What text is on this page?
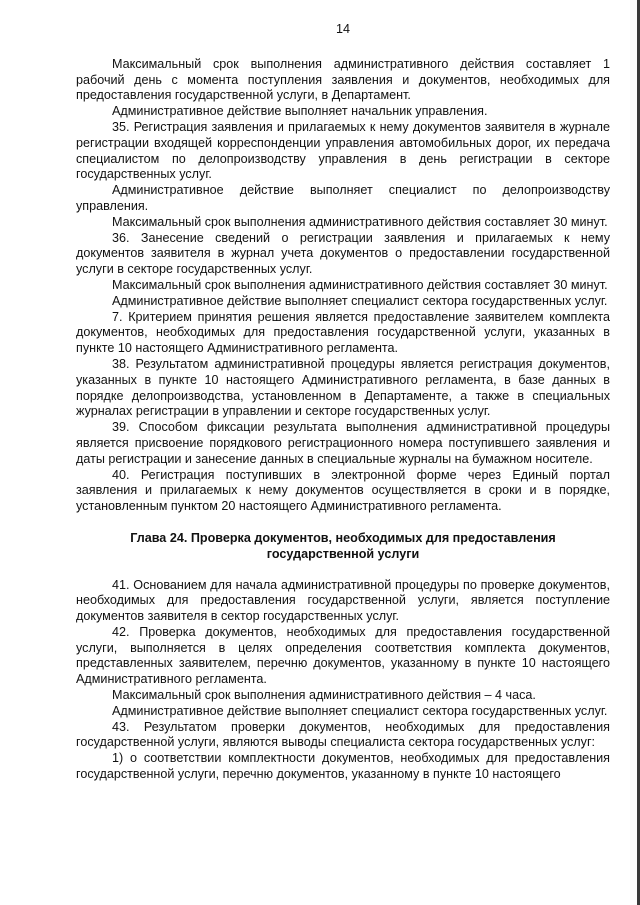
14

Максимальный срок выполнения административного действия составляет 1 рабочий день с момента поступления заявления и документов, необходимых для предоставления государственной услуги, в Департамент.

Административное действие выполняет начальник управления.

35. Регистрация заявления и прилагаемых к нему документов заявителя в журнале регистрации входящей корреспонденции управления автомобильных дорог, их передача специалистом по делопроизводству управления в день регистрации в секторе государственных услуг.

Административное действие выполняет специалист по делопроизводству управления.

Максимальный срок выполнения административного действия составляет 30 минут.

36. Занесение сведений о регистрации заявления и прилагаемых к нему документов заявителя в журнал учета документов о предоставлении государственной услуги в секторе государственных услуг.

Максимальный срок выполнения административного действия составляет 30 минут.

Административное действие выполняет специалист сектора государственных услуг.

7. Критерием принятия решения является предоставление заявителем комплекта документов, необходимых для предоставления государственной услуги, указанных в пункте 10 настоящего Административного регламента.

38. Результатом административной процедуры является регистрация документов, указанных в пункте 10 настоящего Административного регламента, в базе данных в порядке делопроизводства, установленном в Департаменте, а также в специальных журналах регистрации в управлении и секторе государственных услуг.

39. Способом фиксации результата выполнения административной процедуры является присвоение порядкового регистрационного номера поступившего заявления и даты регистрации и занесение данных в специальные журналы на бумажном носителе.

40. Регистрация поступивших в электронной форме через Единый портал заявления и прилагаемых к нему документов осуществляется в сроки и в порядке, установленным пунктом 20 настоящего Административного регламента.

Глава 24. Проверка документов, необходимых для предоставления
государственной услуги

41. Основанием для начала административной процедуры по проверке документов, необходимых для предоставления государственной услуги, является поступление документов заявителя в сектор государственных услуг.

42. Проверка документов, необходимых для предоставления государственной услуги, выполняется в целях определения соответствия комплекта документов, представленных заявителем, перечню документов, указанному в пункте 10 настоящего Административного регламента.

Максимальный срок выполнения административного действия – 4 часа.

Административное действие выполняет специалист сектора государственных услуг.

43. Результатом проверки документов, необходимых для предоставления государственной услуги, являются выводы специалиста сектора государственных услуг:

1) о соответствии комплектности документов, необходимых для предоставления государственной услуги, перечню документов, указанному в пункте 10 настоящего
